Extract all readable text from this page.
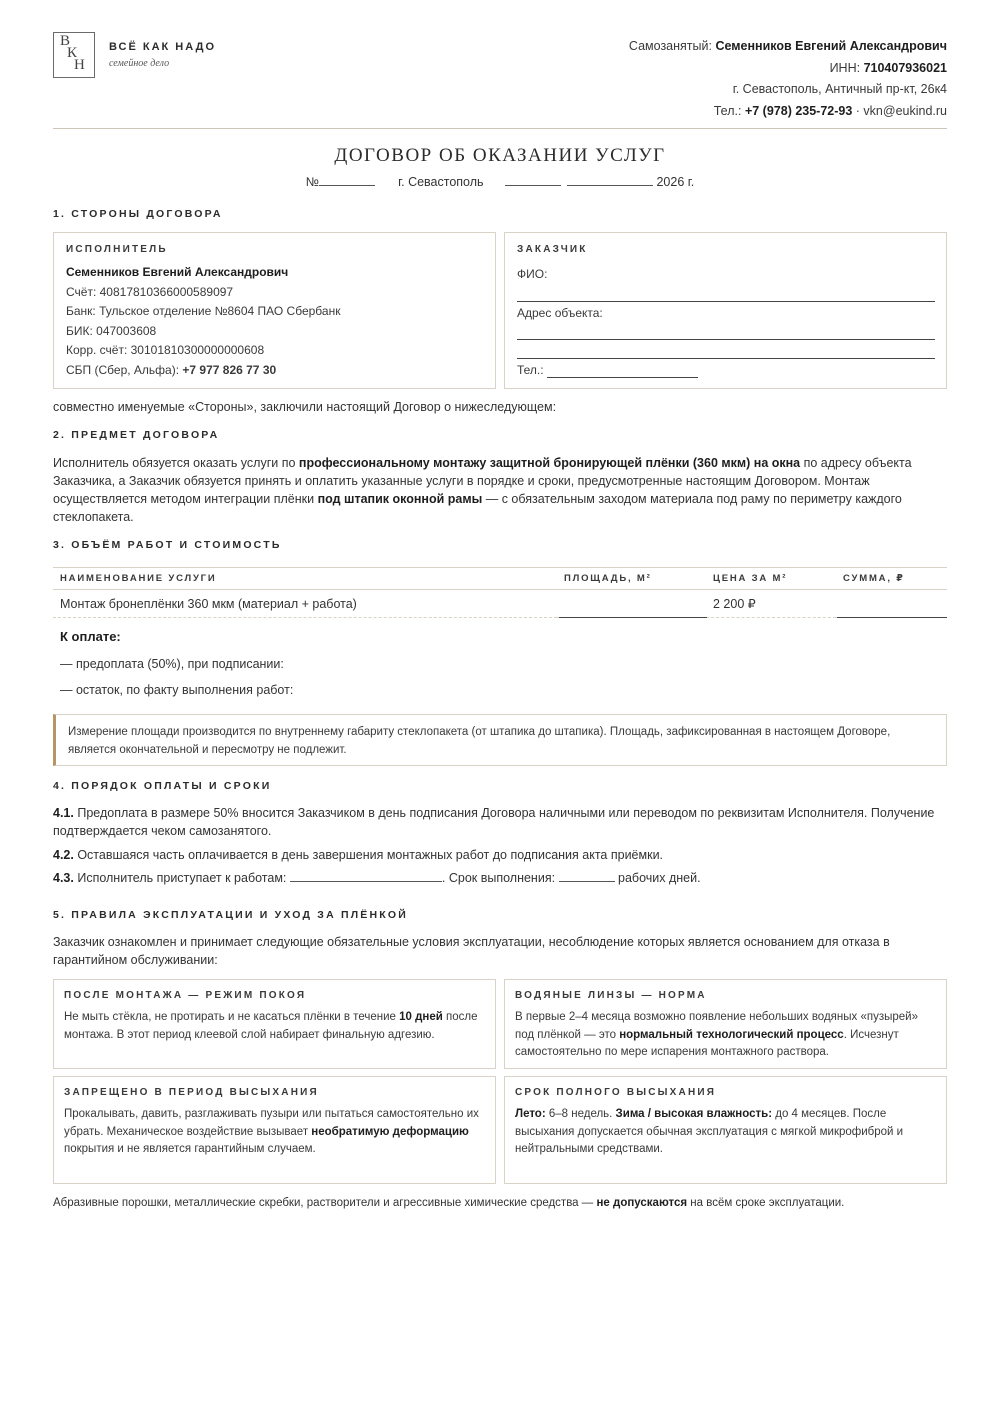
В
К
Н
ВСЁ КАК НАДО
семейное дело
Самозанятый: Семенников Евгений Александрович
ИНН: 710407936021
г. Севастополь, Античный пр-кт, 26к4
Тел.: +7 (978) 235-72-93 · vkn@eukind.ru
ДОГОВОР ОБ ОКАЗАНИИ УСЛУГ
№	г. Севастополь	2026 г.
1. СТОРОНЫ ДОГОВОРА
ИСПОЛНИТЕЛЬ
Семенников Евгений Александрович
Счёт: 40817810366000589097
Банк: Тульское отделение №8604 ПАО Сбербанк
БИК: 047003608
Корр. счёт: 30101810300000000608
СБП (Сбер, Альфа): +7 977 826 77 30
ЗАКАЗЧИК
ФИО:
Адрес объекта:
Тел.:
совместно именуемые «Стороны», заключили настоящий Договор о нижеследующем:
2. ПРЕДМЕТ ДОГОВОРА
Исполнитель обязуется оказать услуги по профессиональному монтажу защитной бронирующей плёнки (360 мкм) на окна по адресу объекта Заказчика, а Заказчик обязуется принять и оплатить указанные услуги в порядке и сроки, предусмотренные настоящим Договором. Монтаж осуществляется методом интеграции плёнки под штапик оконной рамы — с обязательным заходом материала под раму по периметру каждого стеклопакета.
3. ОБЪЁМ РАБОТ И СТОИМОСТЬ
НАИМЕНОВАНИЕ УСЛУГИ	ПЛОЩАДЬ, М²	ЦЕНА ЗА М²	СУММА, ₽
Монтаж бронеплёнки 360 мкм (материал + работа)		2 200 ₽	
К оплате:
— предоплата (50%), при подписании:
— остаток, по факту выполнения работ:
Измерение площади производится по внутреннему габариту стеклопакета (от штапика до штапика). Площадь, зафиксированная в настоящем Договоре, является окончательной и пересмотру не подлежит.
4. ПОРЯДОК ОПЛАТЫ И СРОКИ
4.1. Предоплата в размере 50% вносится Заказчиком в день подписания Договора наличными или переводом по реквизитам Исполнителя. Получение подтверждается чеком самозанятого.
4.2. Оставшаяся часть оплачивается в день завершения монтажных работ до подписания акта приёмки.
4.3. Исполнитель приступает к работам:	. Срок выполнения:	рабочих дней.
5. ПРАВИЛА ЭКСПЛУАТАЦИИ И УХОД ЗА ПЛЁНКОЙ
Заказчик ознакомлен и принимает следующие обязательные условия эксплуатации, несоблюдение которых является основанием для отказа в гарантийном обслуживании:
ПОСЛЕ МОНТАЖА — РЕЖИМ ПОКОЯ
Не мыть стёкла, не протирать и не касаться плёнки в течение 10 дней после монтажа. В этот период клеевой слой набирает финальную адгезию.
ВОДЯНЫЕ ЛИНЗЫ — НОРМА
В первые 2–4 месяца возможно появление небольших водяных «пузырей» под плёнкой — это нормальный технологический процесс. Исчезнут самостоятельно по мере испарения монтажного раствора.
ЗАПРЕЩЕНО В ПЕРИОД ВЫСЫХАНИЯ
Прокалывать, давить, разглаживать пузыри или пытаться самостоятельно их убрать. Механическое воздействие вызывает необратимую деформацию покрытия и не является гарантийным случаем.
СРОК ПОЛНОГО ВЫСЫХАНИЯ
Лето: 6–8 недель. Зима / высокая влажность: до 4 месяцев. После высыхания допускается обычная эксплуатация с мягкой микрофиброй и нейтральными средствами.
Абразивные порошки, металлические скребки, растворители и агрессивные химические средства — не допускаются на всём сроке эксплуатации.
